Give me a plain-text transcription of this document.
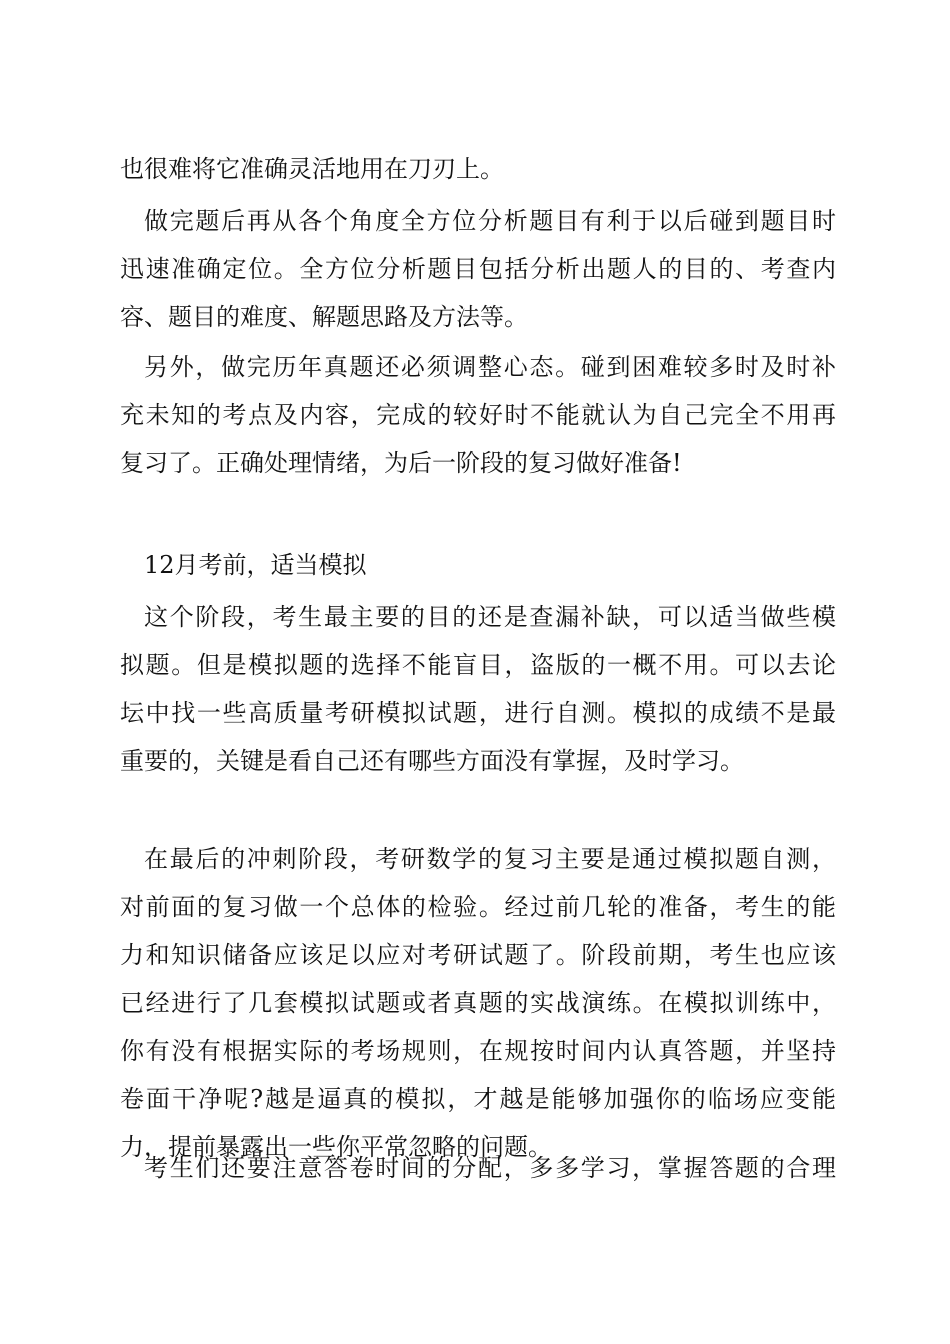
也很难将它准确灵活地用在刀刃上。
做完题后再从各个角度全方位分析题目有利于以后碰到题目时
迅速准确定位。全方位分析题目包括分析出题人的目的、考查内
容、题目的难度、解题思路及方法等。
另外，做完历年真题还必须调整心态。碰到困难较多时及时补
充未知的考点及内容，完成的较好时不能就认为自己完全不用再
复习了。正确处理情绪，为后一阶段的复习做好准备!
12月考前，适当模拟
这个阶段，考生最主要的目的还是查漏补缺，可以适当做些模
拟题。但是模拟题的选择不能盲目，盗版的一概不用。可以去论
坛中找一些高质量考研模拟试题，进行自测。模拟的成绩不是最
重要的，关键是看自己还有哪些方面没有掌握，及时学习。
在最后的冲刺阶段，考研数学的复习主要是通过模拟题自测，
对前面的复习做一个总体的检验。经过前几轮的准备，考生的能
力和知识储备应该足以应对考研试题了。阶段前期，考生也应该
已经进行了几套模拟试题或者真题的实战演练。在模拟训练中，
你有没有根据实际的考场规则，在规按时间内认真答题，并坚持
卷面干净呢?越是逼真的模拟，才越是能够加强你的临场应变能
力，提前暴露出一些你平常忽略的问题。
考生们还要注意答卷时间的分配，多多学习，掌握答题的合理
